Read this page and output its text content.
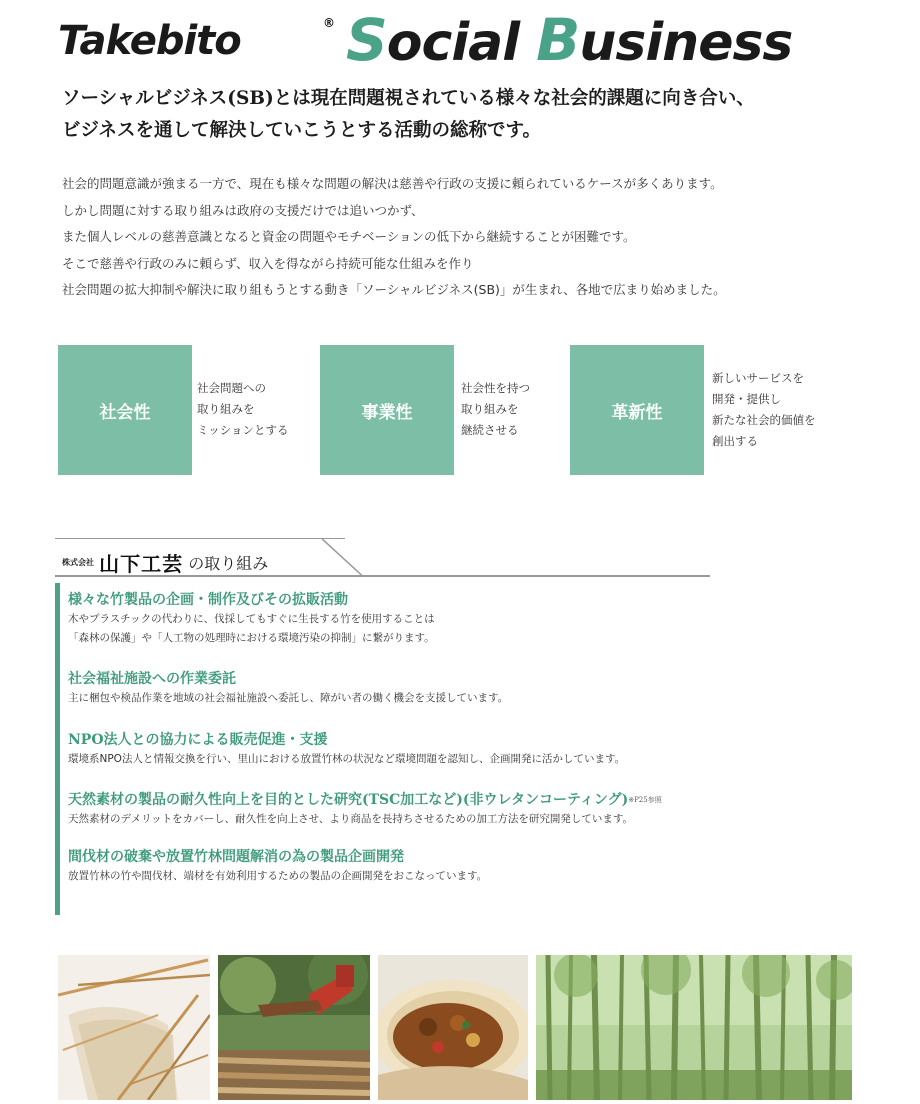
Takebito	® Social Business
ソーシャルビジネス(SB)とは現在問題視されている様々な社会的課題に向き合い、
ビジネスを通して解決していこうとする活動の総称です。
社会的問題意識が強まる一方で、現在も様々な問題の解決は慈善や行政の支援に頼られているケースが多くあります。
しかし問題に対する取り組みは政府の支援だけでは追いつかず、
また個人レベルの慈善意識となると資金の問題やモチベーションの低下から継続することが困難です。
そこで慈善や行政のみに頼らず、収入を得ながら持続可能な仕組みを作り
社会問題の拡大抑制や解決に取り組もうとする動き「ソーシャルビジネス(SB)」が生まれ、各地で広まり始めました。
社会性
社会問題への
取り組みを
ミッションとする
事業性
社会性を持つ
取り組みを
継続させる
革新性
新しいサービスを
開発・提供し
新たな社会的価値を
創出する
株式会社 山下工芸 の取り組み
様々な竹製品の企画・制作及びその拡販活動
木やプラスチックの代わりに、伐採してもすぐに生長する竹を使用することは
「森林の保護」や「人工物の処理時における環境汚染の抑制」に繋がります。
社会福祉施設への作業委託
主に梱包や検品作業を地域の社会福祉施設へ委託し、障がい者の働く機会を支援しています。
NPO法人との協力による販売促進・支援
環境系NPO法人と情報交換を行い、里山における放置竹林の状況など環境問題を認知し、企画開発に活かしています。
天然素材の製品の耐久性向上を目的とした研究(TSC加工など)(非ウレタンコーティング)$^{※P25参照}$
天然素材のデメリットをカバーし、耐久性を向上させ、より商品を長持ちさせるための加工方法を研究開発しています。
間伐材の破棄や放置竹林問題解消の為の製品企画開発
放置竹林の竹や間伐材、端材を有効利用するための製品の企画開発をおこなっています。
